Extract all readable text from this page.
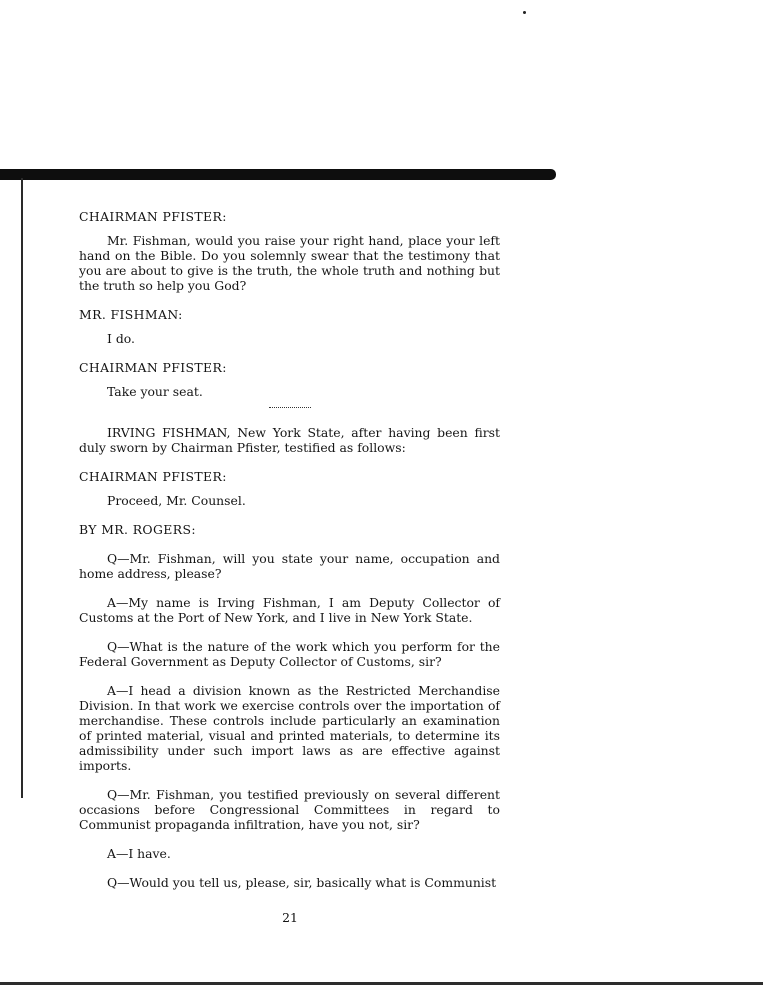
CHAIRMAN PFISTER:

Mr. Fishman, would you raise your right hand, place your left hand on the Bible. Do you solemnly swear that the testimony that you are about to give is the truth, the whole truth and nothing but the truth so help you God?

MR. FISHMAN:

I do.

CHAIRMAN PFISTER:

Take your seat.

IRVING FISHMAN, New York State, after having been first duly sworn by Chairman Pfister, testified as follows:

CHAIRMAN PFISTER:

Proceed, Mr. Counsel.

BY MR. ROGERS:

Q—Mr. Fishman, will you state your name, occupation and home address, please?

A—My name is Irving Fishman, I am Deputy Collector of Customs at the Port of New York, and I live in New York State.

Q—What is the nature of the work which you perform for the Federal Government as Deputy Collector of Customs, sir?

A—I head a division known as the Restricted Merchandise Division. In that work we exercise controls over the importation of merchandise. These controls include particularly an examination of printed material, visual and printed materials, to determine its admissibility under such import laws as are effective against imports.

Q—Mr. Fishman, you testified previously on several different occasions before Congressional Committees in regard to Communist propaganda infiltration, have you not, sir?

A—I have.

Q—Would you tell us, please, sir, basically what is Communist

21
